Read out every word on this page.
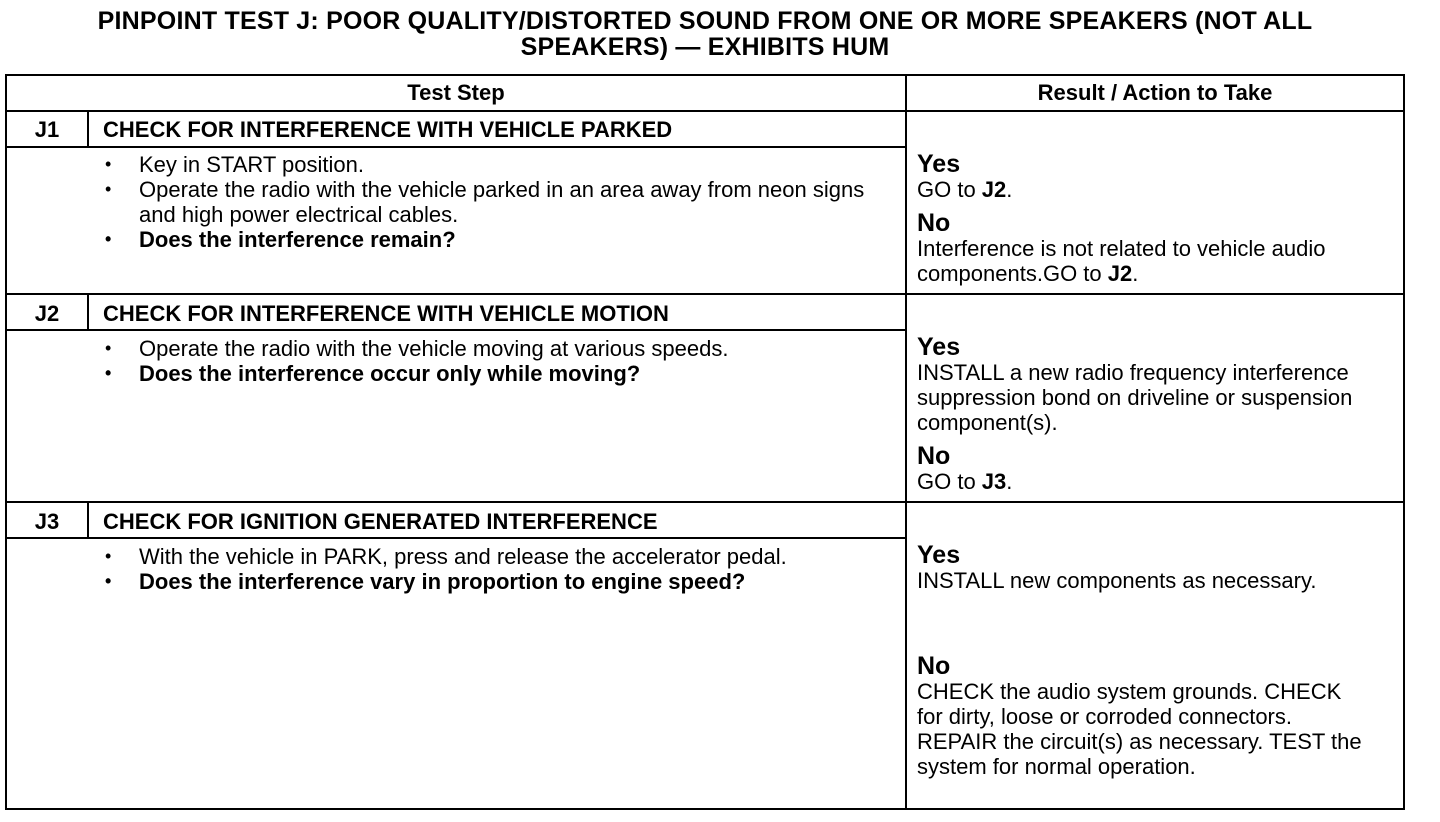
PINPOINT TEST J: POOR QUALITY/DISTORTED SOUND FROM ONE OR MORE SPEAKERS (NOT ALL
SPEAKERS) — EXHIBITS HUM
Test Step	Result / Action to Take
J1	CHECK FOR INTERFERENCE WITH VEHICLE PARKED
• Key in START position.
• Operate the radio with the vehicle parked in an area away from neon signs and high power electrical cables.
• Does the interference remain?
Yes
GO to J2.
No
Interference is not related to vehicle audio components.GO to J2.
J2	CHECK FOR INTERFERENCE WITH VEHICLE MOTION
• Operate the radio with the vehicle moving at various speeds.
• Does the interference occur only while moving?
Yes
INSTALL a new radio frequency interference suppression bond on driveline or suspension component(s).
No
GO to J3.
J3	CHECK FOR IGNITION GENERATED INTERFERENCE
• With the vehicle in PARK, press and release the accelerator pedal.
• Does the interference vary in proportion to engine speed?
Yes
INSTALL new components as necessary.
No
CHECK the audio system grounds. CHECK for dirty, loose or corroded connectors. REPAIR the circuit(s) as necessary. TEST the system for normal operation.
